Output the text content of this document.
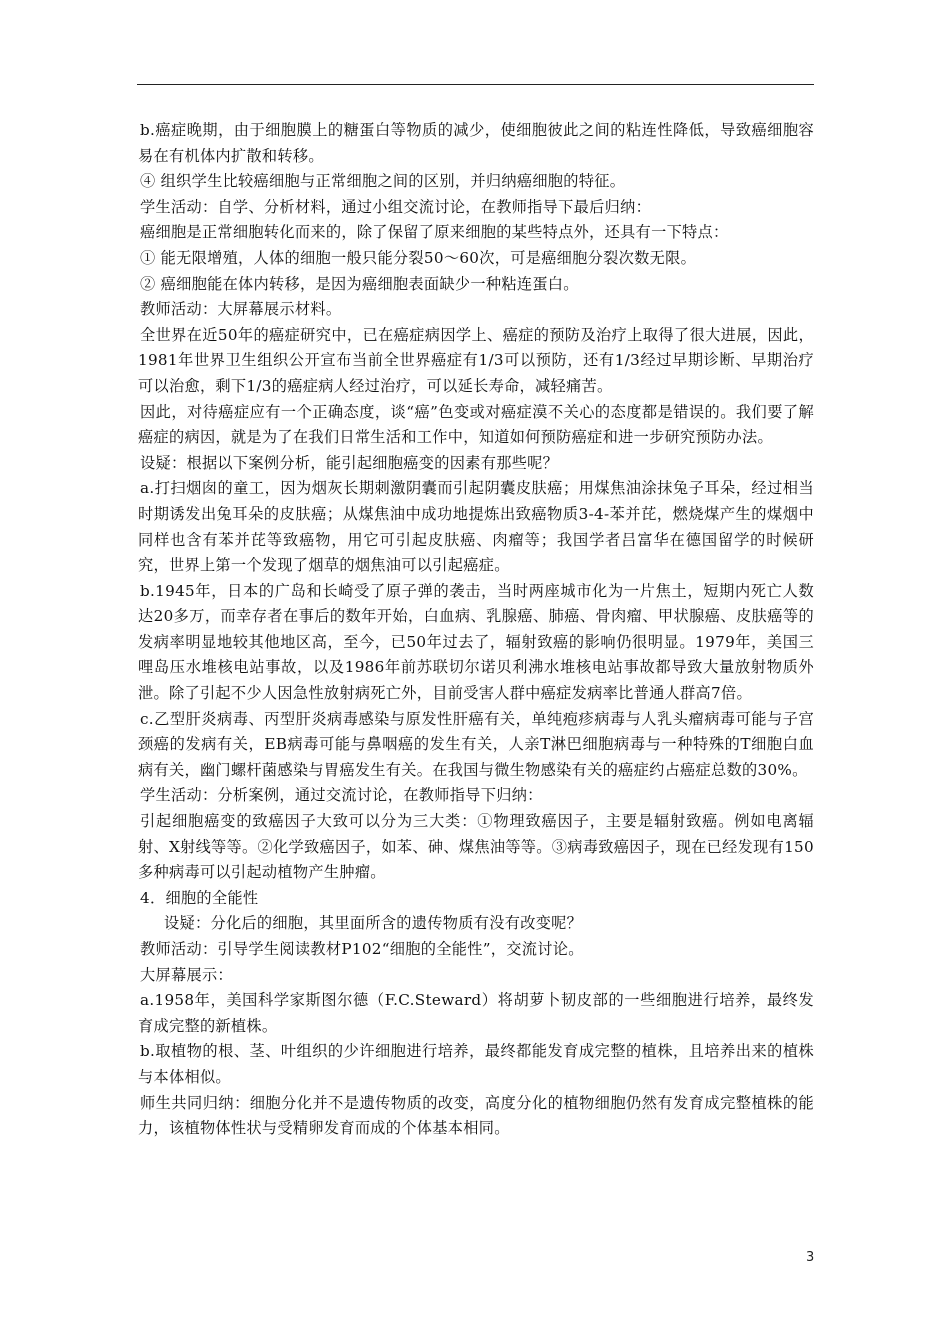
b.癌症晚期，由于细胞膜上的糖蛋白等物质的减少，使细胞彼此之间的粘连性降低，导致癌细胞容易在有机体内扩散和转移。

④ 组织学生比较癌细胞与正常细胞之间的区别，并归纳癌细胞的特征。

学生活动：自学、分析材料，通过小组交流讨论，在教师指导下最后归纳：

癌细胞是正常细胞转化而来的，除了保留了原来细胞的某些特点外，还具有一下特点：

① 能无限增殖，人体的细胞一般只能分裂50～60次，可是癌细胞分裂次数无限。

② 癌细胞能在体内转移，是因为癌细胞表面缺少一种粘连蛋白。

教师活动：大屏幕展示材料。

全世界在近50年的癌症研究中，已在癌症病因学上、癌症的预防及治疗上取得了很大进展，因此，1981年世界卫生组织公开宣布当前全世界癌症有1/3可以预防，还有1/3经过早期诊断、早期治疗可以治愈，剩下1/3的癌症病人经过治疗，可以延长寿命，减轻痛苦。

因此，对待癌症应有一个正确态度，谈“癌”色变或对癌症漠不关心的态度都是错误的。我们要了解癌症的病因，就是为了在我们日常生活和工作中，知道如何预防癌症和进一步研究预防办法。

设疑：根据以下案例分析，能引起细胞癌变的因素有那些呢？

a.打扫烟囱的童工，因为烟灰长期刺激阴囊而引起阴囊皮肤癌；用煤焦油涂抹兔子耳朵，经过相当时期诱发出兔耳朵的皮肤癌；从煤焦油中成功地提炼出致癌物质3-4-苯并芘，燃烧煤产生的煤烟中同样也含有苯并芘等致癌物，用它可引起皮肤癌、肉瘤等；我国学者吕富华在德国留学的时候研究，世界上第一个发现了烟草的烟焦油可以引起癌症。

b.1945年，日本的广岛和长崎受了原子弹的袭击，当时两座城市化为一片焦土，短期内死亡人数达20多万，而幸存者在事后的数年开始，白血病、乳腺癌、肺癌、骨肉瘤、甲状腺癌、皮肤癌等的发病率明显地较其他地区高，至今，已50年过去了，辐射致癌的影响仍很明显。1979年，美国三哩岛压水堆核电站事故，以及1986年前苏联切尔诺贝利沸水堆核电站事故都导致大量放射物质外泄。除了引起不少人因急性放射病死亡外，目前受害人群中癌症发病率比普通人群高7倍。

c.乙型肝炎病毒、丙型肝炎病毒感染与原发性肝癌有关，单纯疱疹病毒与人乳头瘤病毒可能与子宫颈癌的发病有关，EB病毒可能与鼻咽癌的发生有关，人亲T淋巴细胞病毒与一种特殊的T细胞白血病有关，幽门螺杆菌感染与胃癌发生有关。在我国与微生物感染有关的癌症约占癌症总数的30%。

学生活动：分析案例，通过交流讨论，在教师指导下归纳：

引起细胞癌变的致癌因子大致可以分为三大类：①物理致癌因子，主要是辐射致癌。例如电离辐射、X射线等等。②化学致癌因子，如苯、砷、煤焦油等等。③病毒致癌因子，现在已经发现有150多种病毒可以引起动植物产生肿瘤。

4．细胞的全能性

设疑：分化后的细胞，其里面所含的遗传物质有没有改变呢？

教师活动：引导学生阅读教材P102“细胞的全能性”，交流讨论。

大屏幕展示：

a.1958年，美国科学家斯图尔德（F.C.Steward）将胡萝卜韧皮部的一些细胞进行培养，最终发育成完整的新植株。

b.取植物的根、茎、叶组织的少许细胞进行培养，最终都能发育成完整的植株，且培养出来的植株与本体相似。

师生共同归纳：细胞分化并不是遗传物质的改变，高度分化的植物细胞仍然有发育成完整植株的能力，该植物体性状与受精卵发育而成的个体基本相同。

3
